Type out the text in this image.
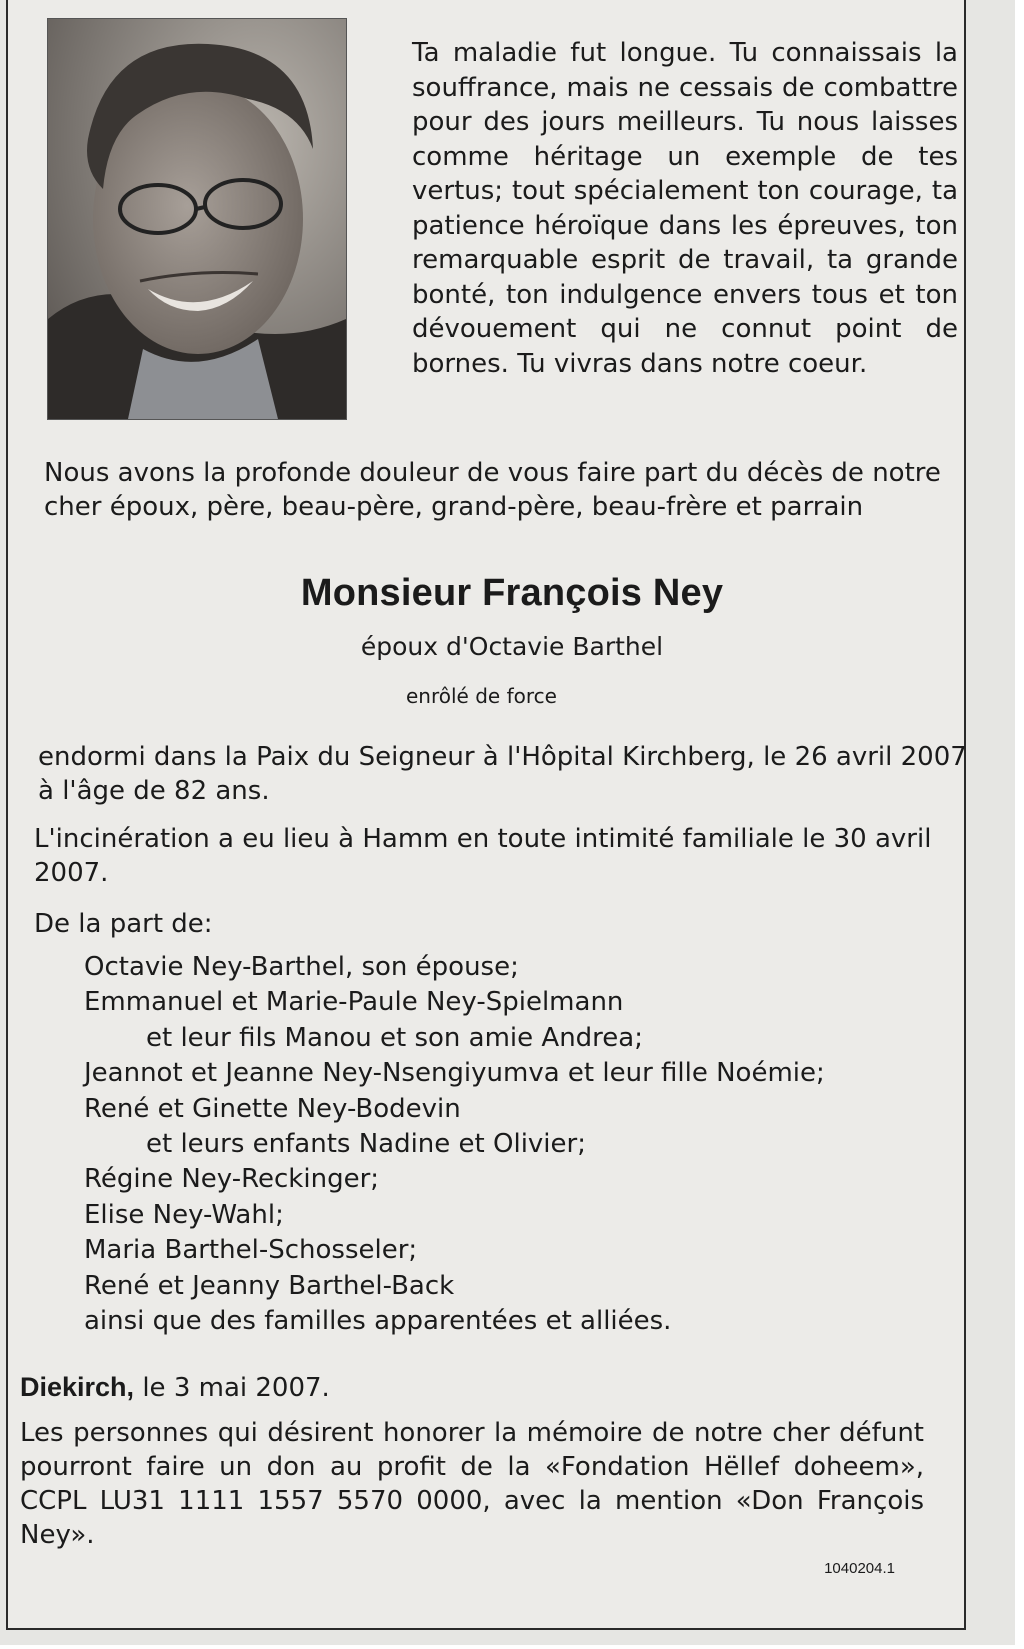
Ta maladie fut longue. Tu connaissais la souffrance, mais ne cessais de combattre pour des jours meilleurs. Tu nous laisses comme héritage un exemple de tes vertus; tout spécialement ton courage, ta patience héroïque dans les épreuves, ton remarquable esprit de travail, ta grande bonté, ton indulgence envers tous et ton dévouement qui ne connut point de bornes. Tu vivras dans notre coeur.
Nous avons la profonde douleur de vous faire part du décès de notre cher époux, père, beau-père, grand-père, beau-frère et parrain
Monsieur François Ney
époux d'Octavie Barthel
enrôlé de force
endormi dans la Paix du Seigneur à l'Hôpital Kirchberg, le 26 avril 2007 à l'âge de 82 ans.
L'incinération a eu lieu à Hamm en toute intimité familiale le 30 avril 2007.
De la part de:
Octavie Ney-Barthel, son épouse;
Emmanuel et Marie-Paule Ney-Spielmann
et leur fils Manou et son amie Andrea;
Jeannot et Jeanne Ney-Nsengiyumva et leur fille Noémie;
René et Ginette Ney-Bodevin
et leurs enfants Nadine et Olivier;
Régine Ney-Reckinger;
Elise Ney-Wahl;
Maria Barthel-Schosseler;
René et Jeanny Barthel-Back
ainsi que des familles apparentées et alliées.
Diekirch, le 3 mai 2007.
Les personnes qui désirent honorer la mémoire de notre cher défunt pourront faire un don au profit de la «Fondation Hëllef doheem», CCPL LU31 1111 1557 5570 0000, avec la mention «Don François Ney».
1040204.1
